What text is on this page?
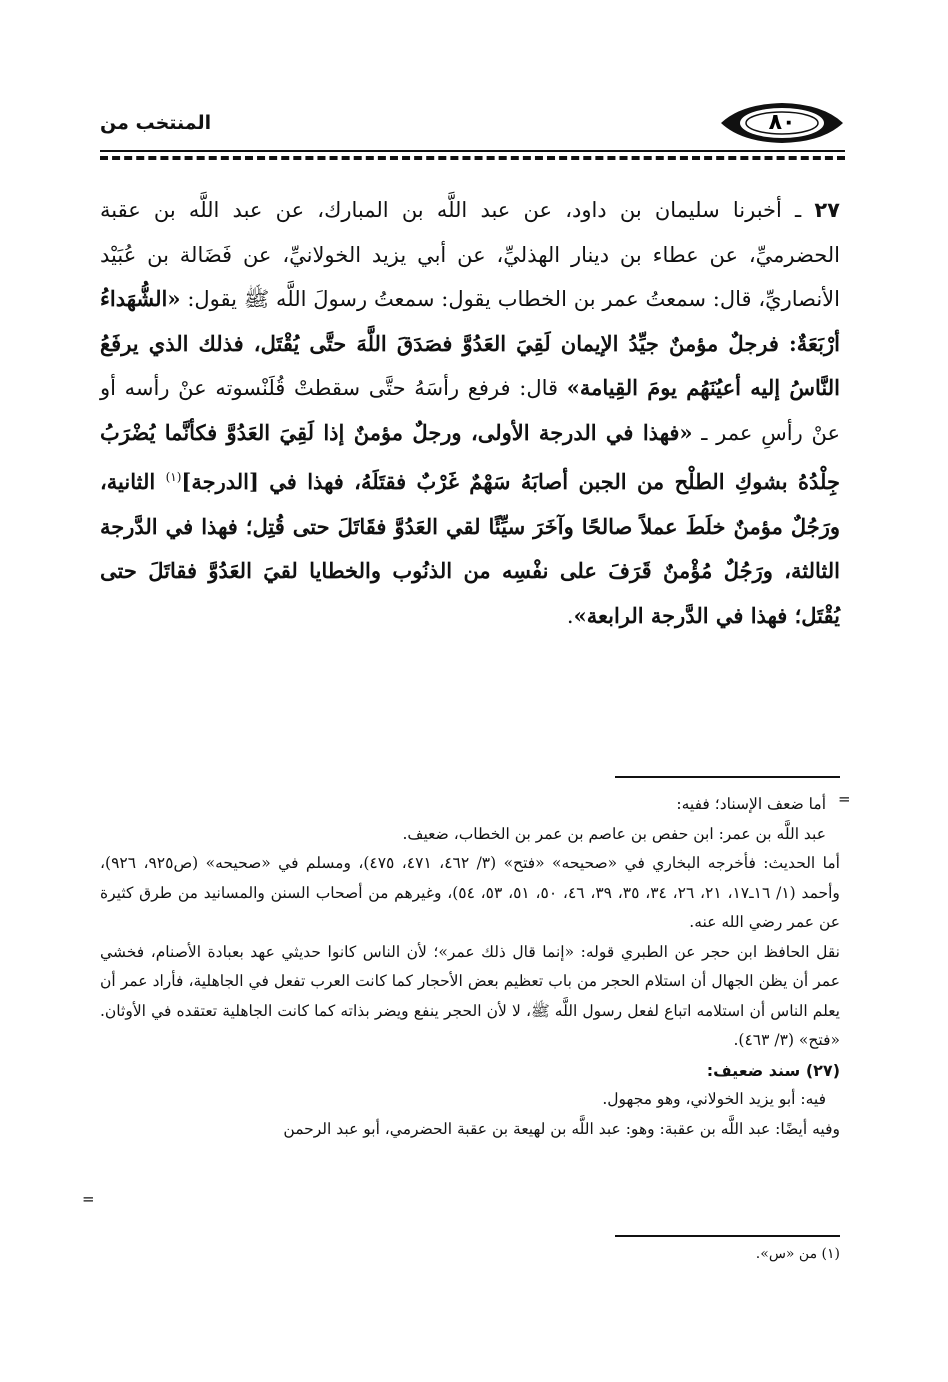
٨٠
المنتخب من
٢٧ ـ أخبرنا سليمان بن داود، عن عبد اللَّه بن المبارك، عن عبد اللَّه بن عقبة الحضرميِّ، عن عطاء بن دينار الهذليِّ، عن أبي يزيد الخولانيِّ، عن فَضَالة بن عُبَيْد الأنصاريِّ، قال: سمعتُ عمر بن الخطاب يقول: سمعتُ رسولَ اللَّه ﷺ يقول: «الشُّهَداءُ أرْبَعَةٌ: فرجلٌ مؤمنٌ جيِّدُ الإيمان لَقِيَ العَدُوَّ فصَدَقَ اللَّهَ حتَّى يُقْتَل، فذلك الذي يرفَعُ النَّاسُ إليه أعيُنَهُم يومَ القِيامة» قال: فرفع رأسَهُ حتَّى سقطتْ قُلَنْسوته عنْ رأسه أو عنْ رأسِ عمر ـ «فهذا في الدرجة الأولى، ورجلٌ مؤمنٌ إذا لَقِيَ العَدُوَّ فكأنَّما يُضْرَبُ جِلْدُهُ بشوكِ الطلْح من الجبن أصابَهُ سَهْمٌ غَرْبٌ فقتَلَهُ، فهذا في [الدرجة]$^{(١)}$ الثانية، ورَجُلٌ مؤمنٌ خلَطَ عملاً صالحًا وآخَرَ سيِّئًا لقي العَدُوَّ فقَاتَلَ حتى قُتِل؛ فهذا في الدَّرجة الثالثة، ورَجُلٌ مُؤْمنٌ قَرَفَ على نفْسِه من الذنُوب والخطايا لقيَ العَدُوَّ فقاتَلَ حتى يُقْتَل؛ فهذا في الدَّرجة الرابعة».
=

أما ضعف الإسناد؛ ففيه:

عبد اللَّه بن عمر: ابن حفص بن عاصم بن عمر بن الخطاب، ضعيف.

أما الحديث: فأخرجه البخاري في «صحيحه» «فتح» (٣/ ٤٦٢، ٤٧١، ٤٧٥)، ومسلم في «صحيحه» (ص٩٢٥، ٩٢٦)، وأحمد (١/ ١٦ـ١٧، ٢١، ٢٦، ٣٤، ٣٥، ٣٩، ٤٦، ٥٠، ٥١، ٥٣، ٥٤)، وغيرهم من أصحاب السنن والمسانيد من طرق كثيرة عن عمر رضي الله عنه.

نقل الحافظ ابن حجر عن الطبري قوله: «إنما قال ذلك عمر»؛ لأن الناس كانوا حديثي عهد بعبادة الأصنام، فخشي عمر أن يظن الجهال أن استلام الحجر من باب تعظيم بعض الأحجار كما كانت العرب تفعل في الجاهلية، فأراد عمر أن يعلم الناس أن استلامه اتباع لفعل رسول اللَّه ﷺ، لا لأن الحجر ينفع ويضر بذاته كما كانت الجاهلية تعتقده في الأوثان. «فتح» (٣/ ٤٦٣).

(٢٧) سند ضعيف:

فيه: أبو يزيد الخولاني، وهو مجهول.

وفيه أيضًا: عبد اللَّه بن عقبة: وهو: عبد اللَّه بن لهيعة بن عقبة الحضرمي، أبو عبد الرحمن

=
(١) من «س».
